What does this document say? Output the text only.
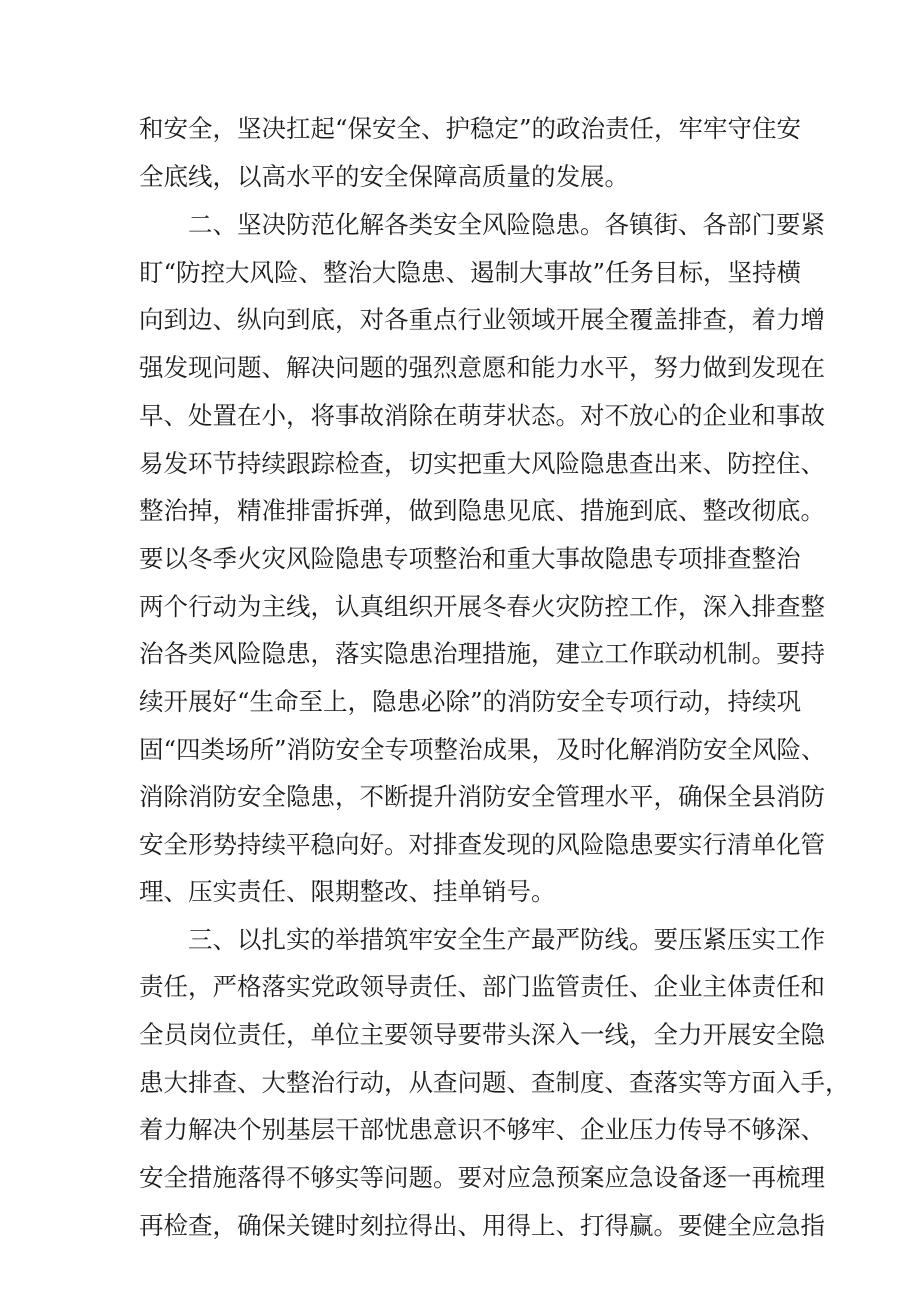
和安全，坚决扛起“保安全、护稳定”的政治责任，牢牢守住安
全底线，以高水平的安全保障高质量的发展。
二、坚决防范化解各类安全风险隐患。各镇街、各部门要紧
盯“防控大风险、整治大隐患、遏制大事故”任务目标，坚持横
向到边、纵向到底，对各重点行业领域开展全覆盖排查，着力增
强发现问题、解决问题的强烈意愿和能力水平，努力做到发现在
早、处置在小，将事故消除在萌芽状态。对不放心的企业和事故
易发环节持续跟踪检查，切实把重大风险隐患查出来、防控住、
整治掉，精准排雷拆弹，做到隐患见底、措施到底、整改彻底。
要以冬季火灾风险隐患专项整治和重大事故隐患专项排查整治
两个行动为主线，认真组织开展冬春火灾防控工作，深入排查整
治各类风险隐患，落实隐患治理措施，建立工作联动机制。要持
续开展好“生命至上，隐患必除”的消防安全专项行动，持续巩
固“四类场所”消防安全专项整治成果，及时化解消防安全风险、
消除消防安全隐患，不断提升消防安全管理水平，确保全县消防
安全形势持续平稳向好。对排查发现的风险隐患要实行清单化管
理、压实责任、限期整改、挂单销号。
三、以扎实的举措筑牢安全生产最严防线。要压紧压实工作
责任，严格落实党政领导责任、部门监管责任、企业主体责任和
全员岗位责任，单位主要领导要带头深入一线，全力开展安全隐
患大排查、大整治行动，从查问题、查制度、查落实等方面入手，
着力解决个别基层干部忧患意识不够牢、企业压力传导不够深、
安全措施落得不够实等问题。要对应急预案应急设备逐一再梳理
再检查，确保关键时刻拉得出、用得上、打得赢。要健全应急指
